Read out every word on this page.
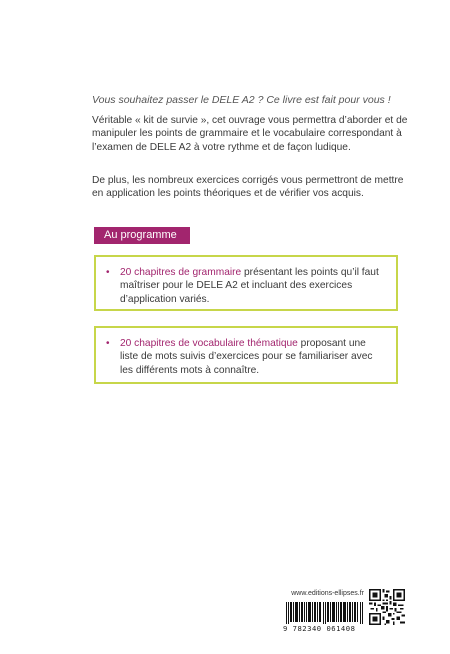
Vous souhaitez passer le DELE A2 ? Ce livre est fait pour vous !
Véritable « kit de survie », cet ouvrage vous permettra d’aborder et de manipuler les points de grammaire et le vocabulaire correspondant à l’examen de DELE A2 à votre rythme et de façon ludique.
De plus, les nombreux exercices corrigés vous permettront de mettre en application les points théoriques et de vérifier vos acquis.
Au programme
• 20 chapitres de grammaire présentant les points qu’il faut maîtriser pour le DELE A2 et incluant des exercices d’application variés.
• 20 chapitres de vocabulaire thématique proposant une liste de mots suivis d’exercices pour se familiariser avec les différents mots à connaître.
www.editions-ellipses.fr
9 782340 061408
